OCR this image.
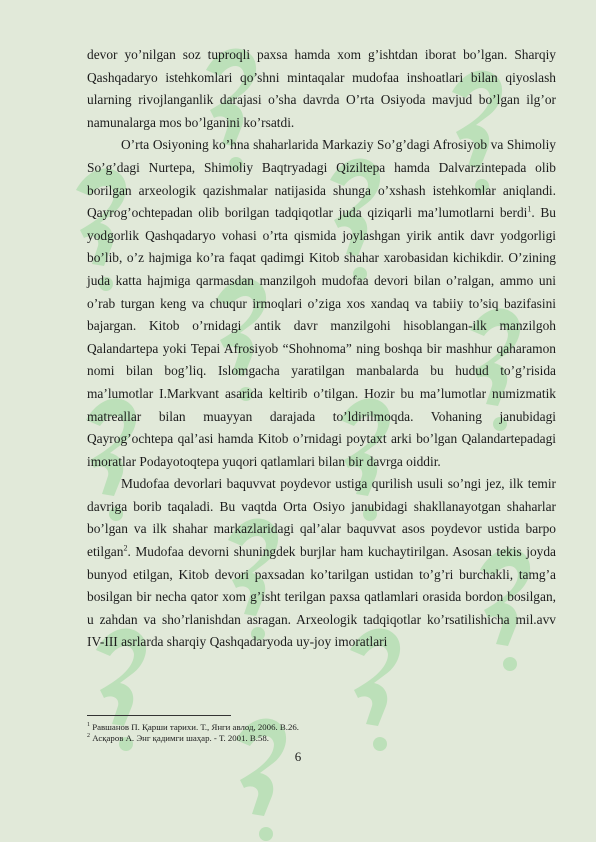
devor yo’nilgan soz tuproqli paxsa hamda xom g’ishtdan iborat bo’lgan. Sharqiy Qashqadaryo istehkomlari qo’shni mintaqalar mudofaa inshoatlari bilan qiyoslash ularning rivojlanganlik darajasi o’sha davrda O’rta Osiyoda mavjud bo’lgan ilg’or namunalarga mos bo’lganini ko’rsatdi.

O’rta Osiyoning ko’hna shaharlarida Markaziy So’g’dagi Afrosiyob va Shimoliy So’g’dagi Nurtepa, Shimoliy Baqtryadagi Qiziltepa hamda Dalvarzintepada olib borilgan arxeologik qazishmalar natijasida shunga o’xshash istehkomlar aniqlandi. Qayrog’ochtepadan olib borilgan tadqiqotlar juda qiziqarli ma’lumotlarni berdi$^1$. Bu yodgorlik Qashqadaryo vohasi o’rta qismida joylashgan yirik antik davr yodgorligi bo’lib, o’z hajmiga ko’ra faqat qadimgi Kitob shahar xarobasidan kichikdir. O’zining juda katta hajmiga qarmasdan manzilgoh mudofaa devori bilan o’ralgan, ammo uni o’rab turgan keng va chuqur irmoqlari o’ziga xos xandaq va tabiiy to’siq bazifasini bajargan. Kitob o’rnidagi antik davr manzilgohi hisoblangan-ilk manzilgoh Qalandartepa yoki Tepai Afrosiyob “Shohnoma” ning boshqa bir mashhur qaharamon nomi bilan bog’liq. Islomgacha yaratilgan manbalarda bu hudud to’g’risida ma’lumotlar I.Markvant asarida keltirib o’tilgan. Hozir bu ma’lumotlar numizmatik matreallar bilan muayyan darajada to’ldirilmoqda. Vohaning janubidagi Qayrog’ochtepa qal’asi hamda Kitob o’rnidagi poytaxt arki bo’lgan Qalandartepadagi imoratlar Podayotoqtepa yuqori qatlamlari bilan bir davrga oiddir.

Mudofaa devorlari baquvvat poydevor ustiga qurilish usuli so’ngi jez, ilk temir davriga borib taqaladi. Bu vaqtda Orta Osiyo janubidagi shakllanayotgan shaharlar bo’lgan va ilk shahar markazlaridagi qal’alar baquvvat asos poydevor ustida barpo etilgan$^2$. Mudofaa devorni shuningdek burjlar ham kuchaytirilgan. Asosan tekis joyda bunyod etilgan, Kitob devori paxsadan ko’tarilgan ustidan to’g’ri burchakli, tamg’a bosilgan bir necha qator xom g’isht terilgan paxsa qatlamlari orasida bordon bosilgan, u zahdan va sho’rlanishdan asragan. Arxeologik tadqiqotlar ko’rsatilishicha mil.avv IV-III asrlarda sharqiy Qashqadaryoda uy-joy imoratlari

$^1$ Равшанов П. Қарши тарихи. Т., Янги авлод, 2006. В.26.
$^2$ Асқаров А. Энг қадимги шаҳар. - Т. 2001. В.58.
6
